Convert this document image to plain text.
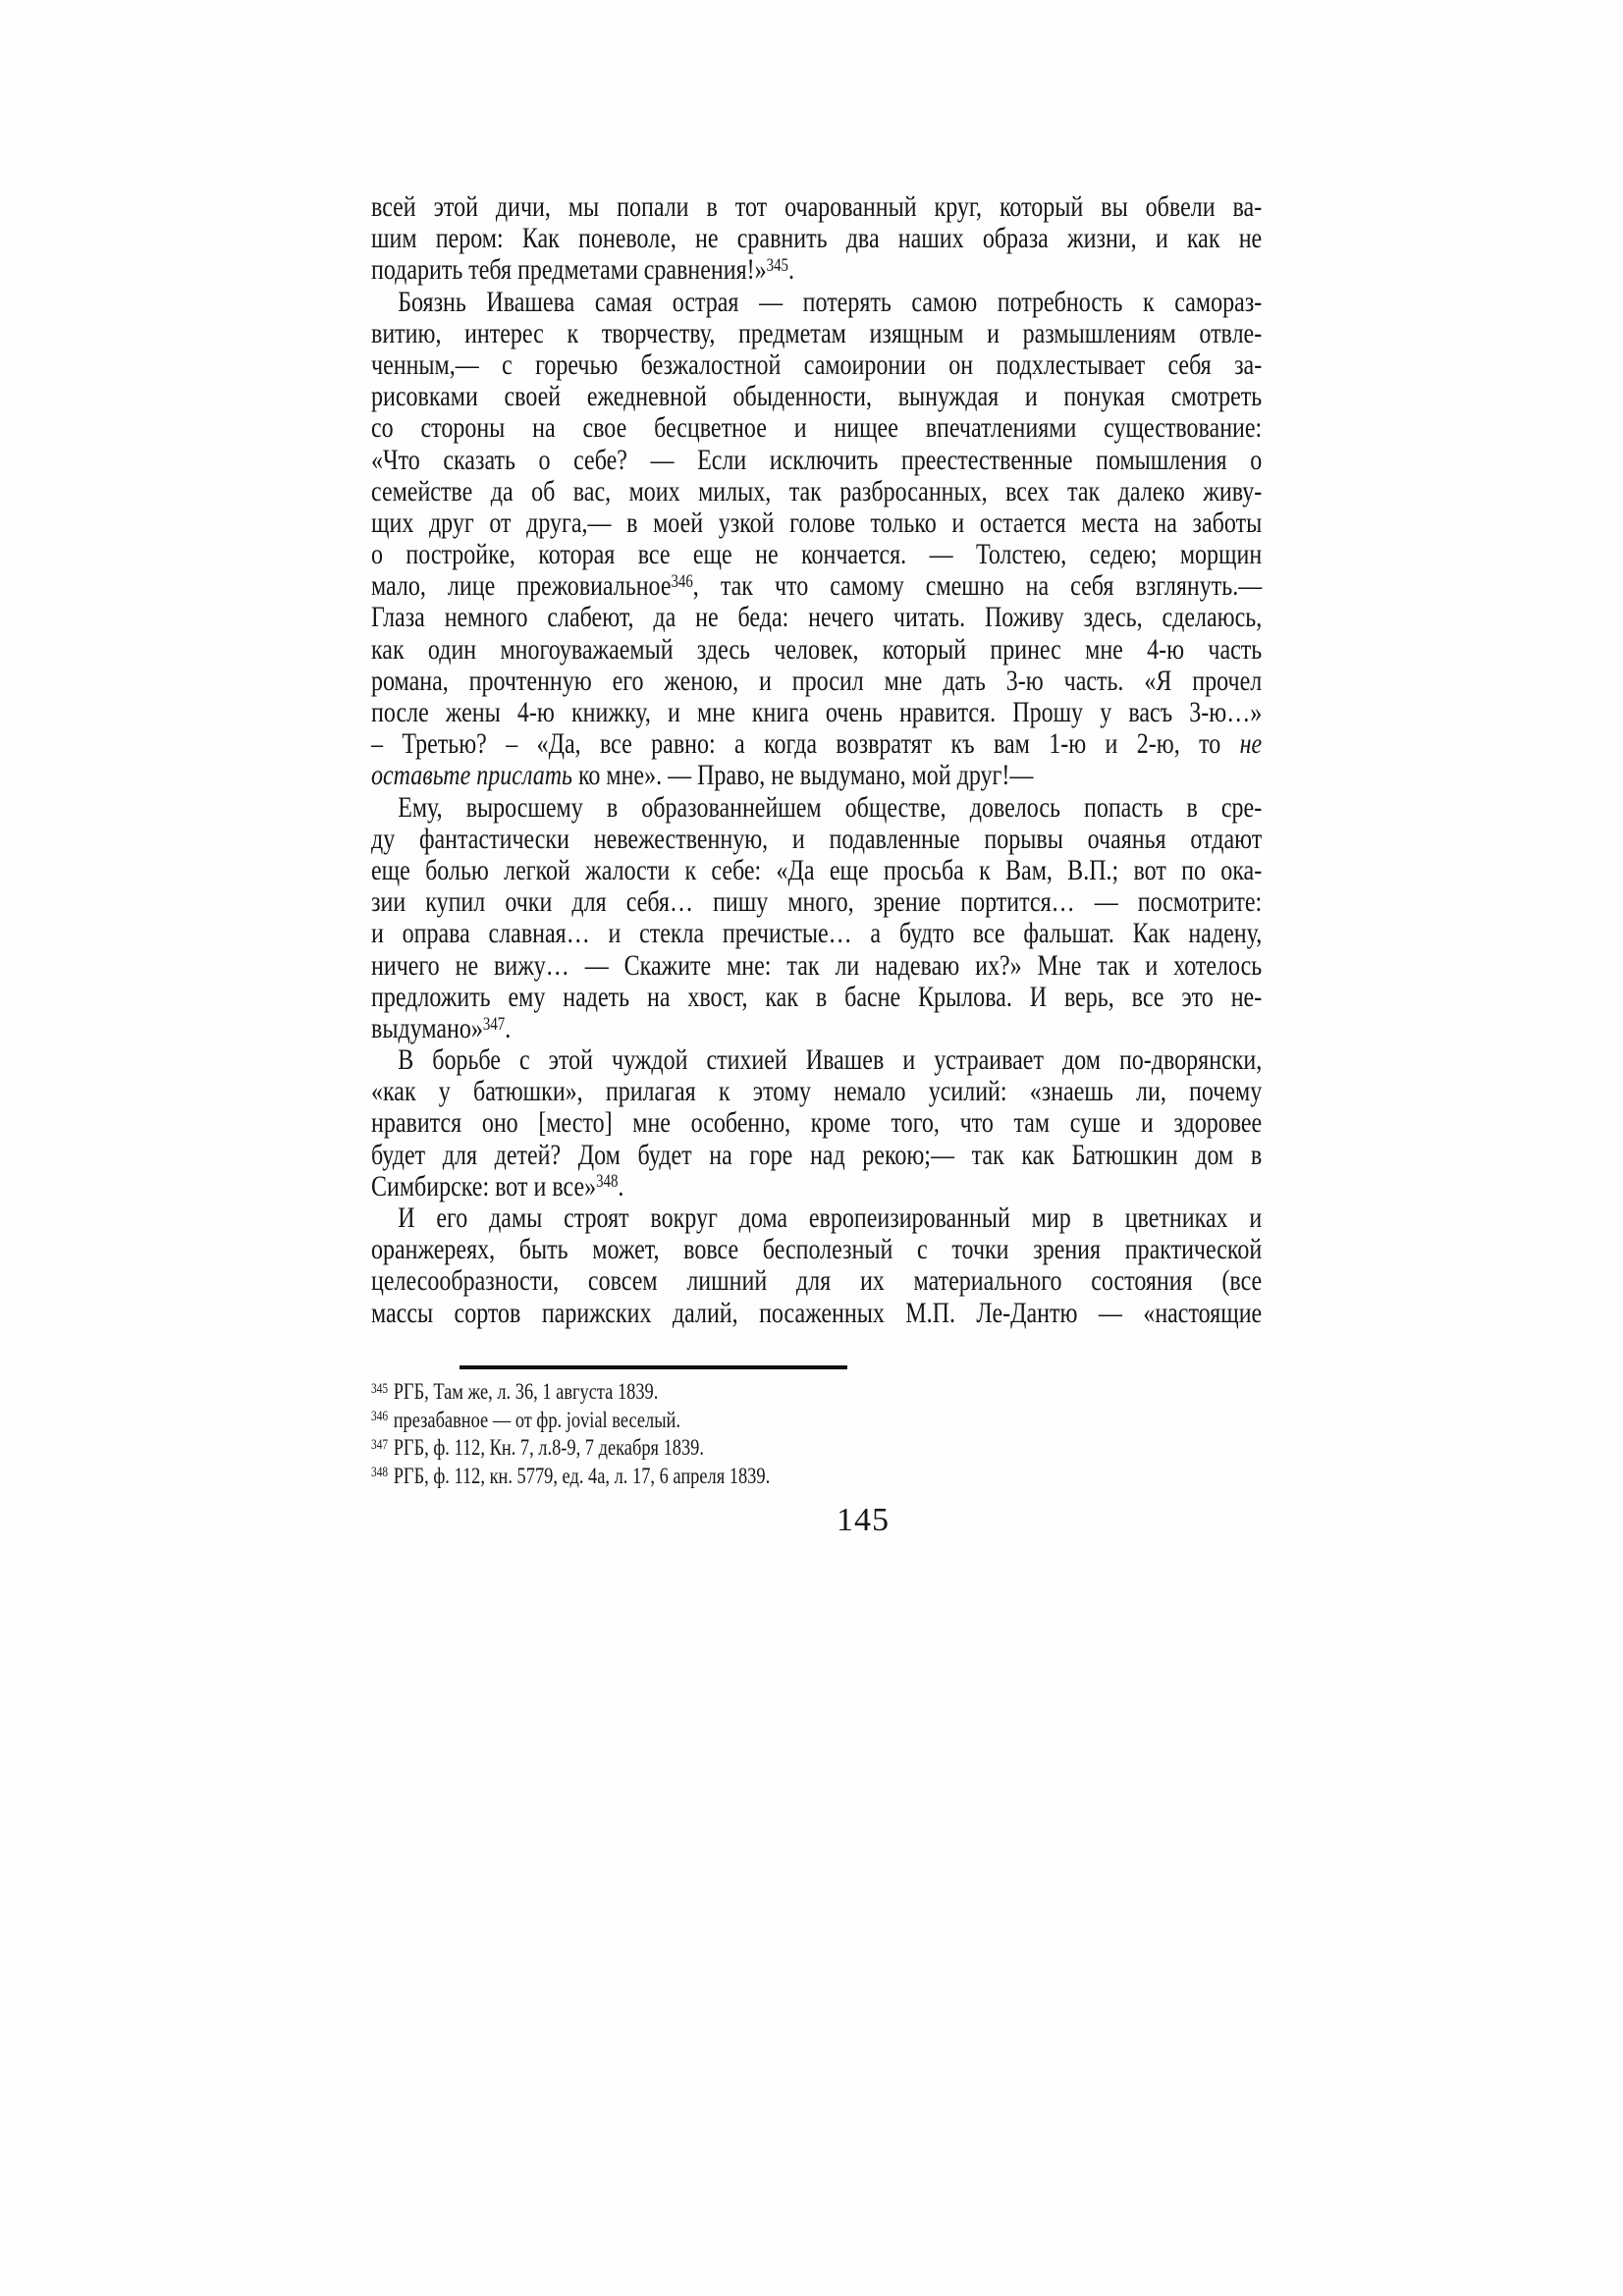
всей этой дичи, мы попали в тот очарованный круг, который вы обвели ва-
шим пером: Как поневоле, не сравнить два наших образа жизни, и как не
подарить тебя предметами сравнения!»$^{345}$.
Боязнь Ивашева самая острая — потерять самою потребность к самораз-
витию, интерес к творчеству, предметам изящным и размышлениям отвле-
ченным,— с горечью безжалостной самоиронии он подхлестывает себя за-
рисовками своей ежедневной обыденности, вынуждая и понукая смотреть
со стороны на свое бесцветное и нищее впечатлениями существование:
«Что сказать о себе? — Если исключить преестественные помышления о
семействе да об вас, моих милых, так разбросанных, всех так далеко живу-
щих друг от друга,— в моей узкой голове только и остается места на заботы
о постройке, которая все еще не кончается. — Толстею, седею; морщин
мало, лице прежовиальное$^{346}$, так что самому смешно на себя взглянуть.—
Глаза немного слабеют, да не беда: нечего читать. Поживу здесь, сделаюсь,
как один многоуважаемый здесь человек, который принес мне 4-ю часть
романа, прочтенную его женою, и просил мне дать 3-ю часть. «Я прочел
после жены 4-ю книжку, и мне книга очень нравится. Прошу у васъ 3-ю…»
– Третью? – «Да, все равно: а когда возвратят къ вам 1-ю и 2-ю, то не
оставьте прислать ко мне». — Право, не выдумано, мой друг!—
Ему, выросшему в образованнейшем обществе, довелось попасть в сре-
ду фантастически невежественную, и подавленные порывы очаянья отдают
еще болью легкой жалости к себе: «Да еще просьба к Вам, В.П.; вот по ока-
зии купил очки для себя… пишу много, зрение портится… — посмотрите:
и оправа славная… и стекла пречистые… а будто все фальшат. Как надену,
ничего не вижу… — Скажите мне: так ли надеваю их?» Мне так и хотелось
предложить ему надеть на хвост, как в басне Крылова. И верь, все это не-
выдумано»$^{347}$.
В борьбе с этой чуждой стихией Ивашев и устраивает дом по-дворянски,
«как у батюшки», прилагая к этому немало усилий: «знаешь ли, почему
нравится оно [место] мне особенно, кроме того, что там суше и здоровее
будет для детей? Дом будет на горе над рекою;— так как Батюшкин дом в
Симбирске: вот и все»$^{348}$.
И его дамы строят вокруг дома европеизированный мир в цветниках и
оранжереях, быть может, вовсе бесполезный с точки зрения практической
целесообразности, совсем лишний для их материального состояния (все
массы сортов парижских далий, посаженных М.П. Ле-Дантю — «настоящие
$^{345}$ РГБ, Там же, л. 36, 1 августа 1839.
$^{346}$ презабавное — от фр. jovial веселый.
$^{347}$ РГБ, ф. 112, Кн. 7, л.8-9, 7 декабря 1839.
$^{348}$ РГБ, ф. 112, кн. 5779, ед. 4а, л. 17, 6 апреля 1839.
145
